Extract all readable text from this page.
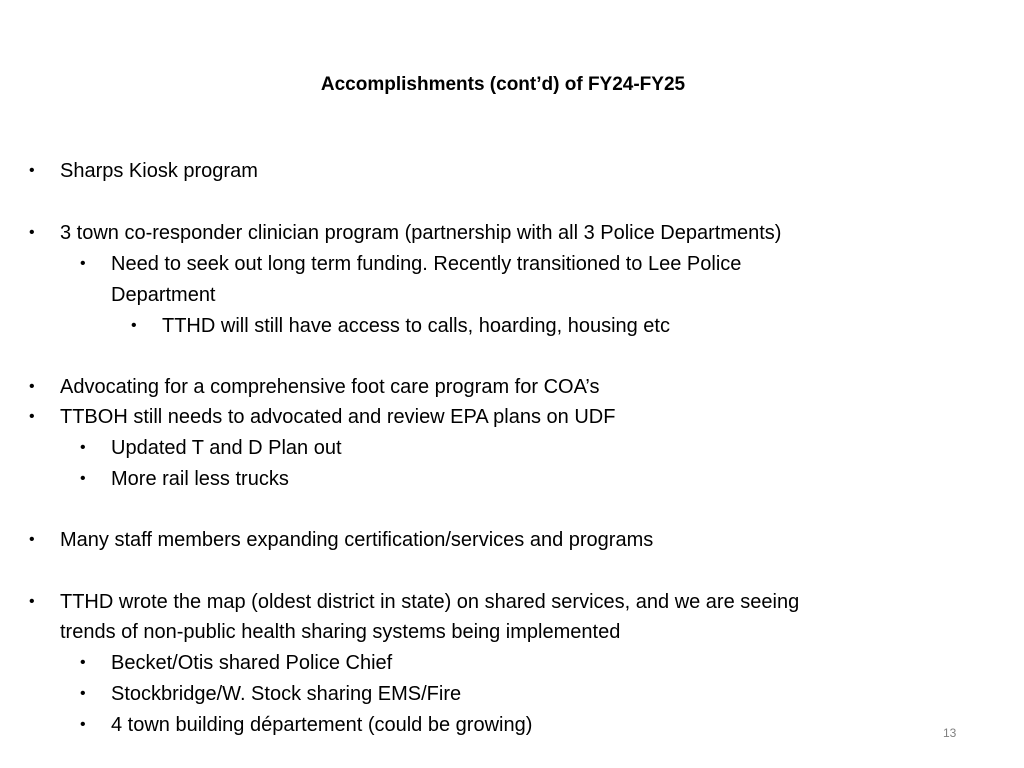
Accomplishments (cont’d) of FY24-FY25
• Sharps Kiosk program
• 3 town co-responder clinician program (partnership with all 3 Police Departments)
• Need to seek out long term funding. Recently transitioned to Lee Police
Department
• TTHD will still have access to calls, hoarding, housing etc
• Advocating for a comprehensive foot care program for COA’s
• TTBOH still needs to advocated and review EPA plans on UDF
• Updated T and D Plan out
• More rail less trucks
• Many staff members expanding certification/services and programs
• TTHD wrote the map (oldest district in state) on shared services, and we are seeing
trends of non-public health sharing systems being implemented
• Becket/Otis shared Police Chief
• Stockbridge/W. Stock sharing EMS/Fire
• 4 town building département (could be growing)	13
